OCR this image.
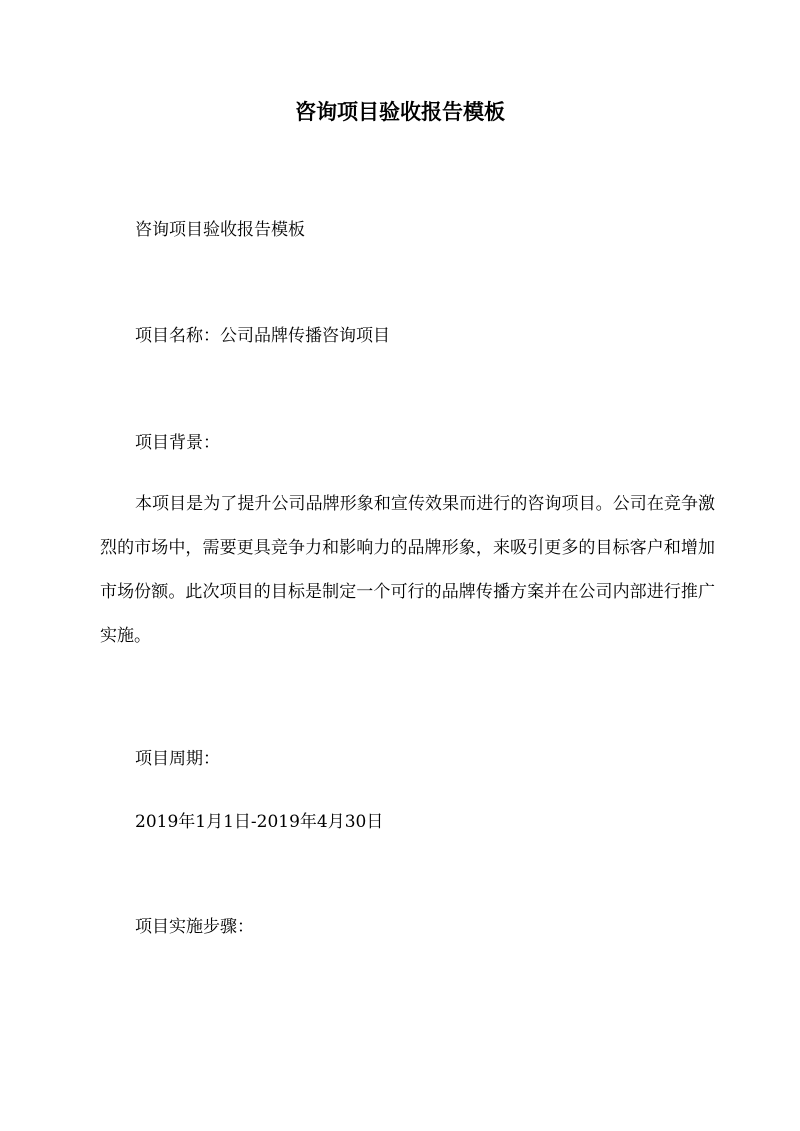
咨询项目验收报告模板
咨询项目验收报告模板
项目名称：公司品牌传播咨询项目
项目背景：

本项目是为了提升公司品牌形象和宣传效果而进行的咨询项目。公司在竞争激烈的市场中，需要更具竞争力和影响力的品牌形象，来吸引更多的目标客户和增加市场份额。此次项目的目标是制定一个可行的品牌传播方案并在公司内部进行推广实施。

项目周期：
2019年1月1日-2019年4月30日
项目实施步骤：
